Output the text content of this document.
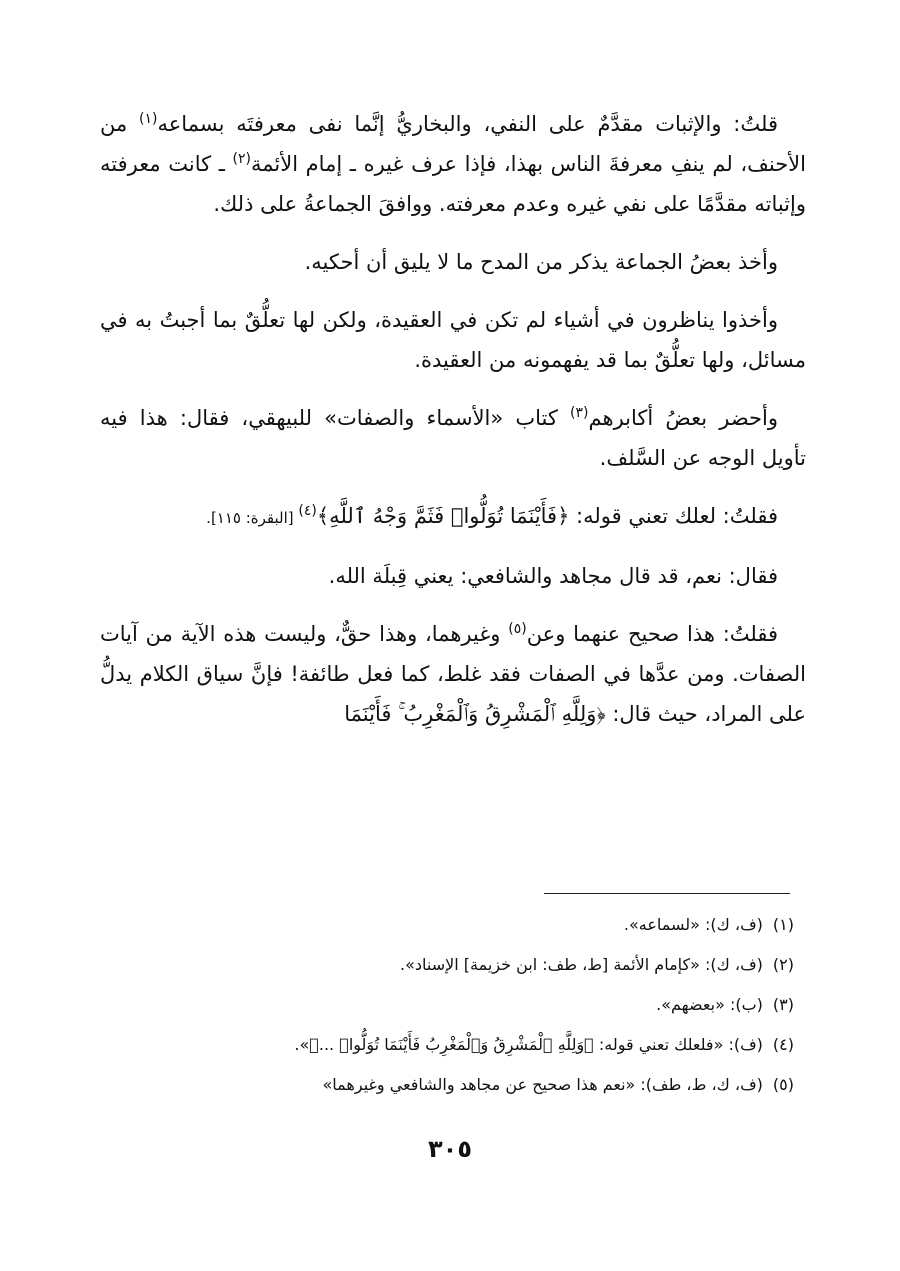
قلتُ: والإثبات مقدَّمٌ على النفي، والبخاريُّ إنَّما نفى معرفتَه بسماعه$^{(١)}$ من الأحنف، لم ينفِ معرفةَ الناس بهذا، فإذا عرف غيره ـ إمام الأئمة$^{(٢)}$ ـ كانت معرفته وإثباته مقدَّمًا على نفي غيره وعدم معرفته. ووافقَ الجماعةُ على ذلك.

وأخذ بعضُ الجماعة يذكر من المدح ما لا يليق أن أحكيه.

وأخذوا يناظرون في أشياء لم تكن في العقيدة، ولكن لها تعلُّقٌ بما أجبتُ به في مسائل، ولها تعلُّقٌ بما قد يفهمونه من العقيدة.

وأحضر بعضُ أكابرهم$^{(٣)}$ كتاب «الأسماء والصفات» للبيهقي، فقال: هذا فيه تأويل الوجه عن السَّلف.

فقلتُ: لعلك تعني قوله: ﴿فَأَيْنَمَا تُوَلُّوا۟ فَثَمَّ وَجْهُ ٱللَّهِ﴾$^{(٤)}$ [البقرة: ١١٥].

فقال: نعم، قد قال مجاهد والشافعي: يعني قِبلَة الله.

فقلتُ: هذا صحيح عنهما وعن$^{(٥)}$ وغيرهما، وهذا حقٌّ، وليست هذه الآية من آيات الصفات. ومن عدَّها في الصفات فقد غلط، كما فعل طائفة! فإنَّ سياق الكلام يدلُّ على المراد، حيث قال: ﴿وَلِلَّهِ ٱلْمَشْرِقُ وَٱلْمَغْرِبُ ۚ فَأَيْنَمَا

(١)(ف، ك): «لسماعه».

(٢)(ف، ك): «كإمام الأئمة [ط، طف: ابن خزيمة] الإسناد».

(٣)(ب): «بعضهم».

(٤)(ف): «فلعلك تعني قوله: ﴿وَلِلَّهِ ٱلْمَشْرِقُ وَٱلْمَغْرِبُ فَأَيْنَمَا تُوَلُّوا۟ ...﴾».

(٥)(ف، ك، ط، طف): «نعم هذا صحيح عن مجاهد والشافعي وغيرهما»

٣٠٥
